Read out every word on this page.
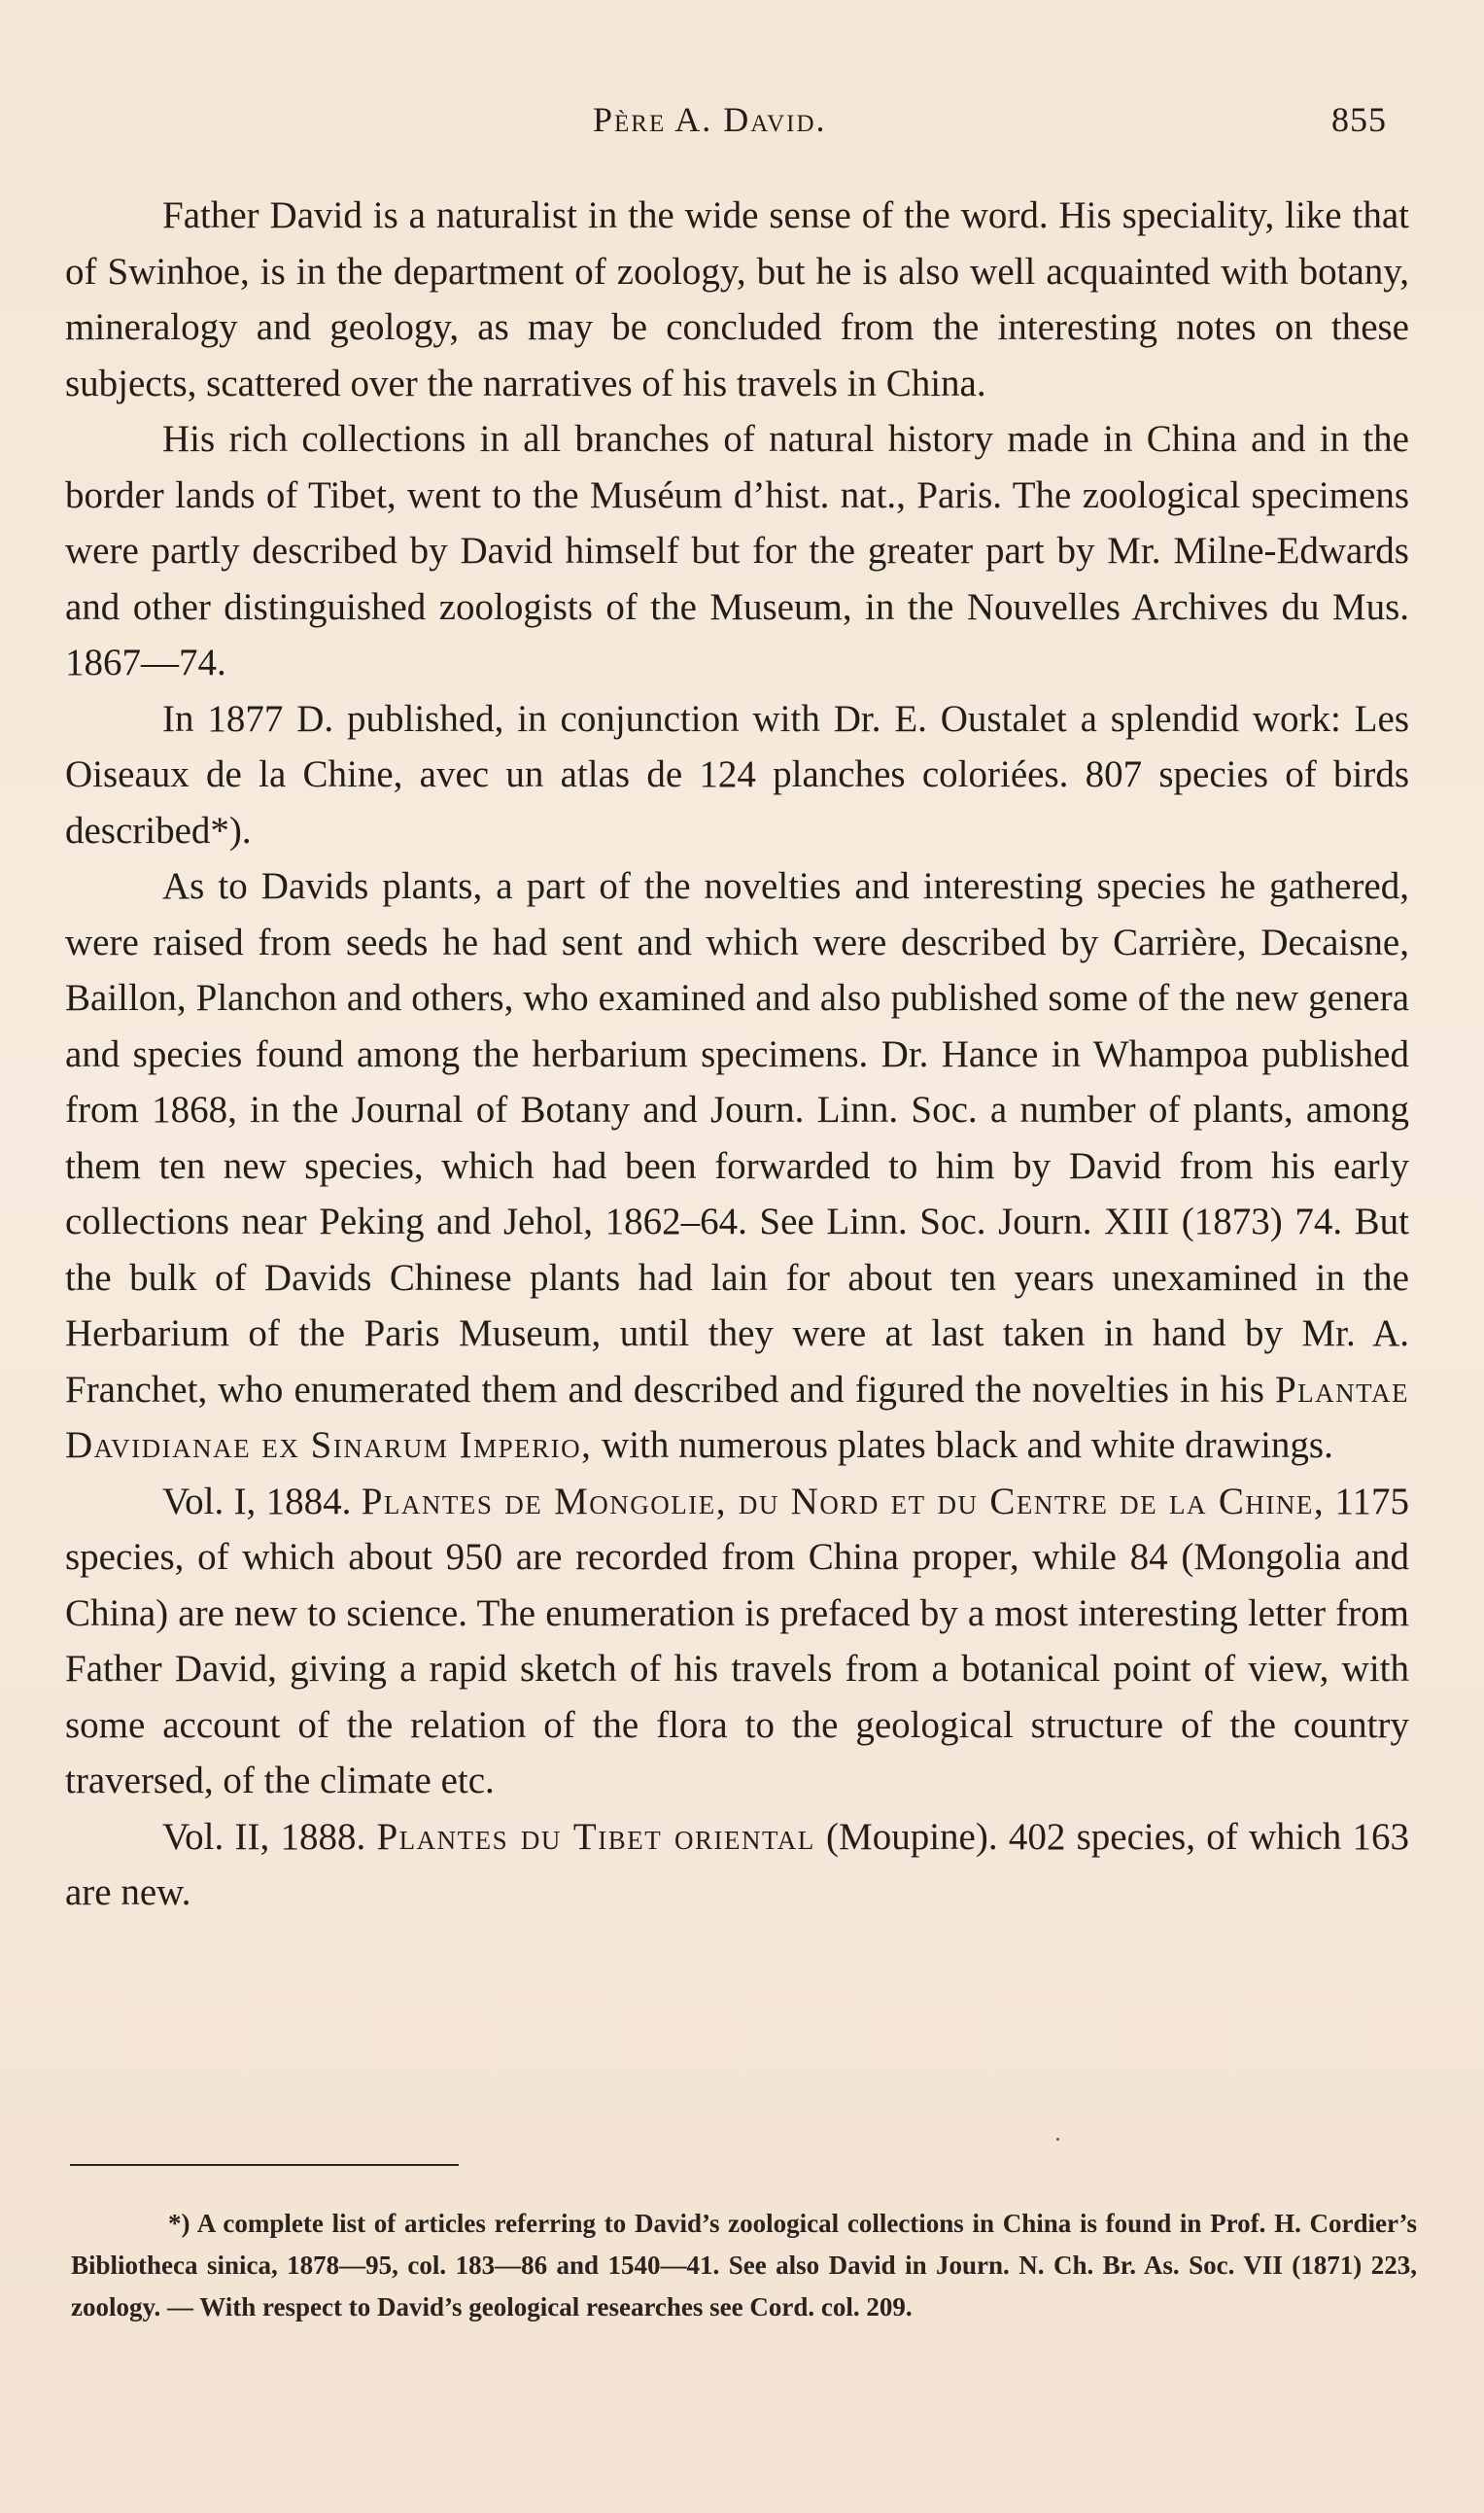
Père A. David.	855

Father David is a naturalist in the wide sense of the word. His speciality, like that of Swinhoe, is in the department of zoology, but he is also well acquainted with botany, mineralogy and geology, as may be concluded from the interesting notes on these subjects, scattered over the narratives of his travels in China.

His rich collections in all branches of natural history made in China and in the border lands of Tibet, went to the Muséum d’hist. nat., Paris. The zoological specimens were partly described by David himself but for the greater part by Mr. Milne-Edwards and other distinguished zoologists of the Museum, in the Nouvelles Archives du Mus. 1867—74.

In 1877 D. published, in conjunction with Dr. E. Oustalet a splendid work: Les Oiseaux de la Chine, avec un atlas de 124 planches coloriées. 807 species of birds described*).

As to Davids plants, a part of the novelties and interesting species he gathered, were raised from seeds he had sent and which were described by Carrière, Decaisne, Baillon, Planchon and others, who examined and also published some of the new genera and species found among the herbarium specimens. Dr. Hance in Whampoa published from 1868, in the Journal of Botany and Journ. Linn. Soc. a number of plants, among them ten new species, which had been forwarded to him by David from his early collections near Peking and Jehol, 1862–64. See Linn. Soc. Journ. XIII (1873) 74. But the bulk of Davids Chinese plants had lain for about ten years unexamined in the Herbarium of the Paris Museum, until they were at last taken in hand by Mr. A. Franchet, who enumerated them and described and figured the novelties in his Plantae Davidianae ex Sinarum Imperio, with numerous plates black and white drawings.

Vol. I, 1884. Plantes de Mongolie, du Nord et du Centre de la Chine, 1175 species, of which about 950 are recorded from China proper, while 84 (Mongolia and China) are new to science. The enumeration is prefaced by a most interesting letter from Father David, giving a rapid sketch of his travels from a botanical point of view, with some account of the relation of the flora to the geological structure of the country traversed, of the climate etc.

Vol. II, 1888. Plantes du Tibet oriental (Moupine). 402 species, of which 163 are new.

*) A complete list of articles referring to David’s zoological collections in China is found in Prof. H. Cordier’s Bibliotheca sinica, 1878—95, col. 183—86 and 1540—41. See also David in Journ. N. Ch. Br. As. Soc. VII (1871) 223, zoology. — With respect to David’s geological researches see Cord. col. 209.
